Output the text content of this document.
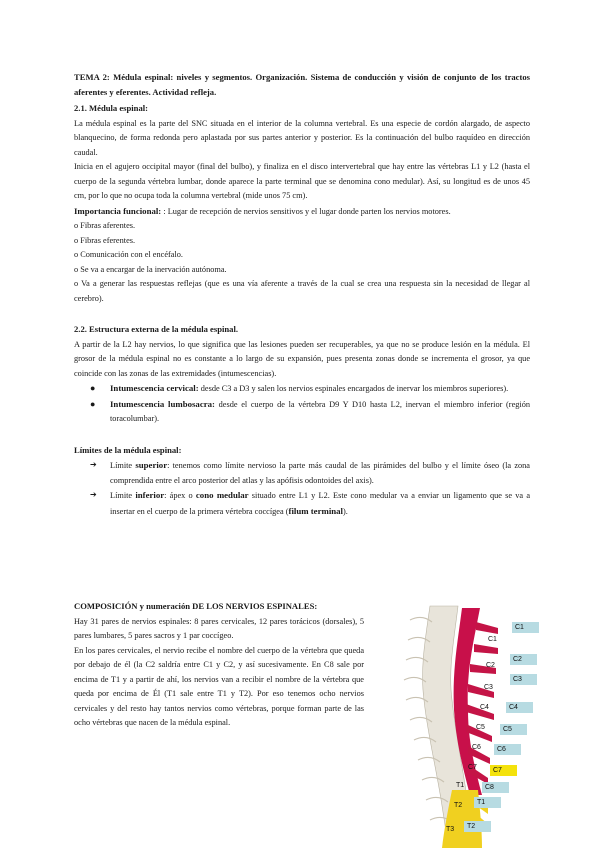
TEMA 2: Médula espinal: niveles y segmentos. Organización. Sistema de conducción y visión de conjunto de los tractos aferentes y eferentes. Actividad refleja.

2.1. Médula espinal:

La médula espinal es la parte del SNC situada en el interior de la columna vertebral. Es una especie de cordón alargado, de aspecto blanquecino, de forma redonda pero aplastada por sus partes anterior y posterior. Es la continuación del bulbo raquídeo en dirección caudal.

Inicia en el agujero occipital mayor (final del bulbo), y finaliza en el disco intervertebral que hay entre las vértebras L1 y L2 (hasta el cuerpo de la segunda vértebra lumbar, donde aparece la parte terminal que se denomina cono medular). Así, su longitud es de unos 45 cm, por lo que no ocupa toda la columna vertebral (mide unos 75 cm).

Importancia funcional: : Lugar de recepción de nervios sensitivos y el lugar donde parten los nervios motores.

o Fibras aferentes.

o Fibras eferentes.

o Comunicación con el encéfalo.

o Se va a encargar de la inervación autónoma.

o Va a generar las respuestas reflejas (que es una vía aferente a través de la cual se crea una respuesta sin la necesidad de llegar al cerebro).

2.2. Estructura externa de la médula espinal.

A partir de la L2 hay nervios, lo que significa que las lesiones pueden ser recuperables, ya que no se produce lesión en la médula. El grosor de la médula espinal no es constante a lo largo de su expansión, pues presenta zonas donde se incrementa el grosor, ya que coincide con las zonas de las extremidades (intumescencias).

● Intumescencia cervical: desde C3 a D3 y salen los nervios espinales encargados de inervar los miembros superiores).
● Intumescencia lumbosacra: desde el cuerpo de la vértebra D9 Y D10 hasta L2, inervan el miembro inferior (región toracolumbar).
Límites de la médula espinal:
➔ Límite superior: tenemos como límite nervioso la parte más caudal de las pirámides del bulbo y el límite óseo (la zona comprendida entre el arco posterior del atlas y las apófisis odontoides del axis).
➔ Límite inferior: ápex o cono medular situado entre L1 y L2. Este cono medular va a enviar un ligamento que se va a insertar en el cuerpo de la primera vértebra coccígea (filum terminal).
COMPOSICIÓN y numeración DE LOS NERVIOS ESPINALES:

Hay 31 pares de nervios espinales: 8 pares cervicales, 12 pares torácicos (dorsales), 5 pares lumbares, 5 pares sacros y 1 par coccígeo.

En los pares cervicales, el nervio recibe el nombre del cuerpo de la vértebra que queda por debajo de él (la C2 saldría entre C1 y C2, y así sucesivamente. En C8 sale por encima de T1 y a partir de ahí, los nervios van a recibir el nombre de la vértebra que queda por encima de Él (T1 sale entre T1 y T2). Por eso tenemos ocho nervios cervicales y del resto hay tantos nervios como vértebras, porque forman parte de las ocho vértebras que nacen de la médula espinal.

C1
C2
C3
C4
C5
C6
C7
C8
T1
T2
C1
C2
C3
C4
C5
C6
C7
T1
T2
T3
